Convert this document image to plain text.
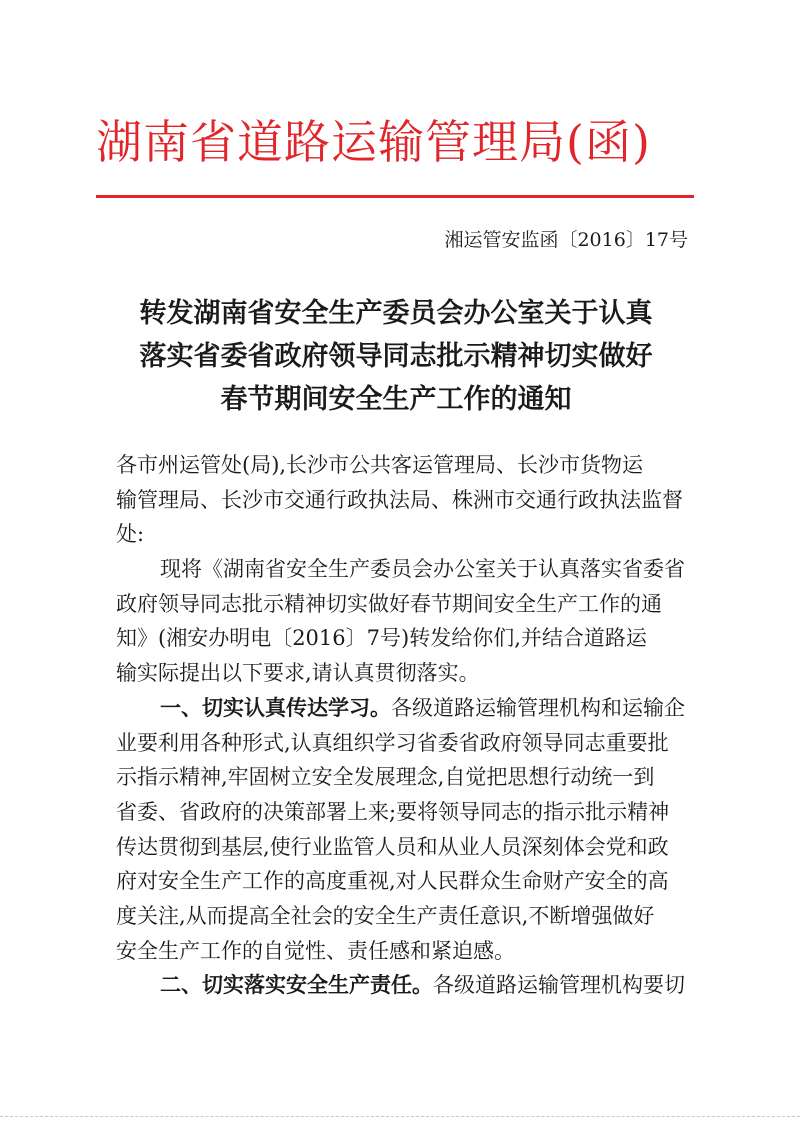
湖南省道路运输管理局(函)
湘运管安监函〔2016〕17号
转发湖南省安全生产委员会办公室关于认真
落实省委省政府领导同志批示精神切实做好
春节期间安全生产工作的通知
各市州运管处(局),长沙市公共客运管理局、长沙市货物运
输管理局、长沙市交通行政执法局、株洲市交通行政执法监督
处:
现将《湖南省安全生产委员会办公室关于认真落实省委省
政府领导同志批示精神切实做好春节期间安全生产工作的通
知》(湘安办明电〔2016〕7号)转发给你们,并结合道路运
输实际提出以下要求,请认真贯彻落实。
一、切实认真传达学习。各级道路运输管理机构和运输企
业要利用各种形式,认真组织学习省委省政府领导同志重要批
示指示精神,牢固树立安全发展理念,自觉把思想行动统一到
省委、省政府的决策部署上来;要将领导同志的指示批示精神
传达贯彻到基层,使行业监管人员和从业人员深刻体会党和政
府对安全生产工作的高度重视,对人民群众生命财产安全的高
度关注,从而提高全社会的安全生产责任意识,不断增强做好
安全生产工作的自觉性、责任感和紧迫感。
二、切实落实安全生产责任。各级道路运输管理机构要切
